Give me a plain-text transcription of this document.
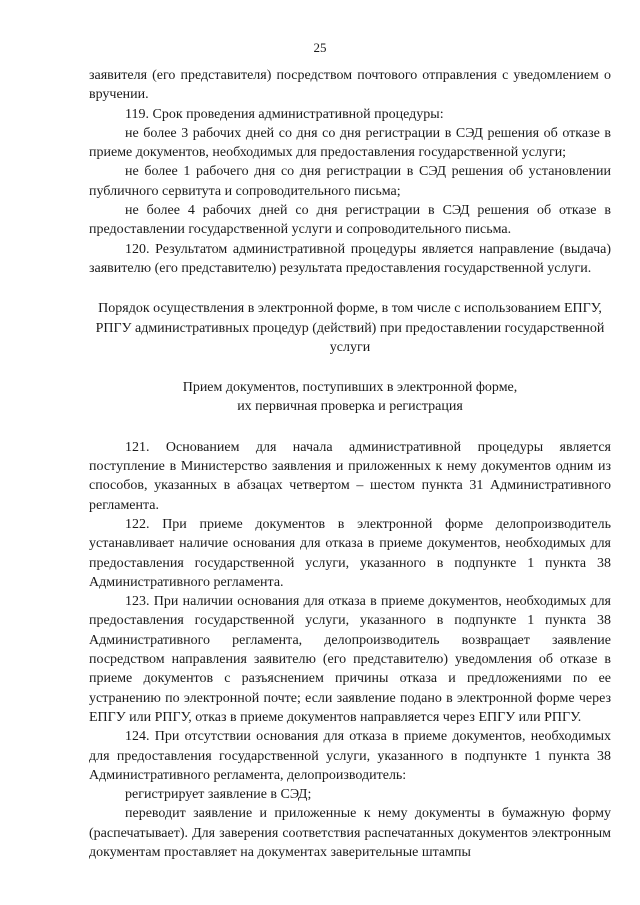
25

заявителя (его представителя) посредством почтового отправления с уведомлением о вручении.

119. Срок проведения административной процедуры:

не более 3 рабочих дней со дня со дня регистрации в СЭД решения об отказе в приеме документов, необходимых для предоставления государственной услуги;

не более 1 рабочего дня со дня регистрации в СЭД решения об установлении публичного сервитута и сопроводительного письма;

не более 4 рабочих дней со дня регистрации в СЭД решения об отказе в предоставлении государственной услуги и сопроводительного письма.

120. Результатом административной процедуры является направление (выдача) заявителю (его представителю) результата предоставления государственной услуги.

Порядок осуществления в электронной форме, в том числе с использованием ЕПГУ, РПГУ административных процедур (действий) при предоставлении государственной услуги

Прием документов, поступивших в электронной форме,
их первичная проверка и регистрация

121. Основанием для начала административной процедуры является поступление в Министерство заявления и приложенных к нему документов одним из способов, указанных в абзацах четвертом – шестом пункта 31 Административного регламента.

122. При приеме документов в электронной форме делопроизводитель устанавливает наличие основания для отказа в приеме документов, необходимых для предоставления государственной услуги, указанного в подпункте 1 пункта 38 Административного регламента.

123. При наличии основания для отказа в приеме документов, необходимых для предоставления государственной услуги, указанного в подпункте 1 пункта 38 Административного регламента, делопроизводитель возвращает заявление посредством направления заявителю (его представителю) уведомления об отказе в приеме документов с разъяснением причины отказа и предложениями по ее устранению по электронной почте; если заявление подано в электронной форме через ЕПГУ или РПГУ, отказ в приеме документов направляется через ЕПГУ или РПГУ.

124. При отсутствии основания для отказа в приеме документов, необходимых для предоставления государственной услуги, указанного в подпункте 1 пункта 38 Административного регламента, делопроизводитель:

регистрирует заявление в СЭД;

переводит заявление и приложенные к нему документы в бумажную форму (распечатывает). Для заверения соответствия распечатанных документов электронным документам проставляет на документах заверительные штампы
